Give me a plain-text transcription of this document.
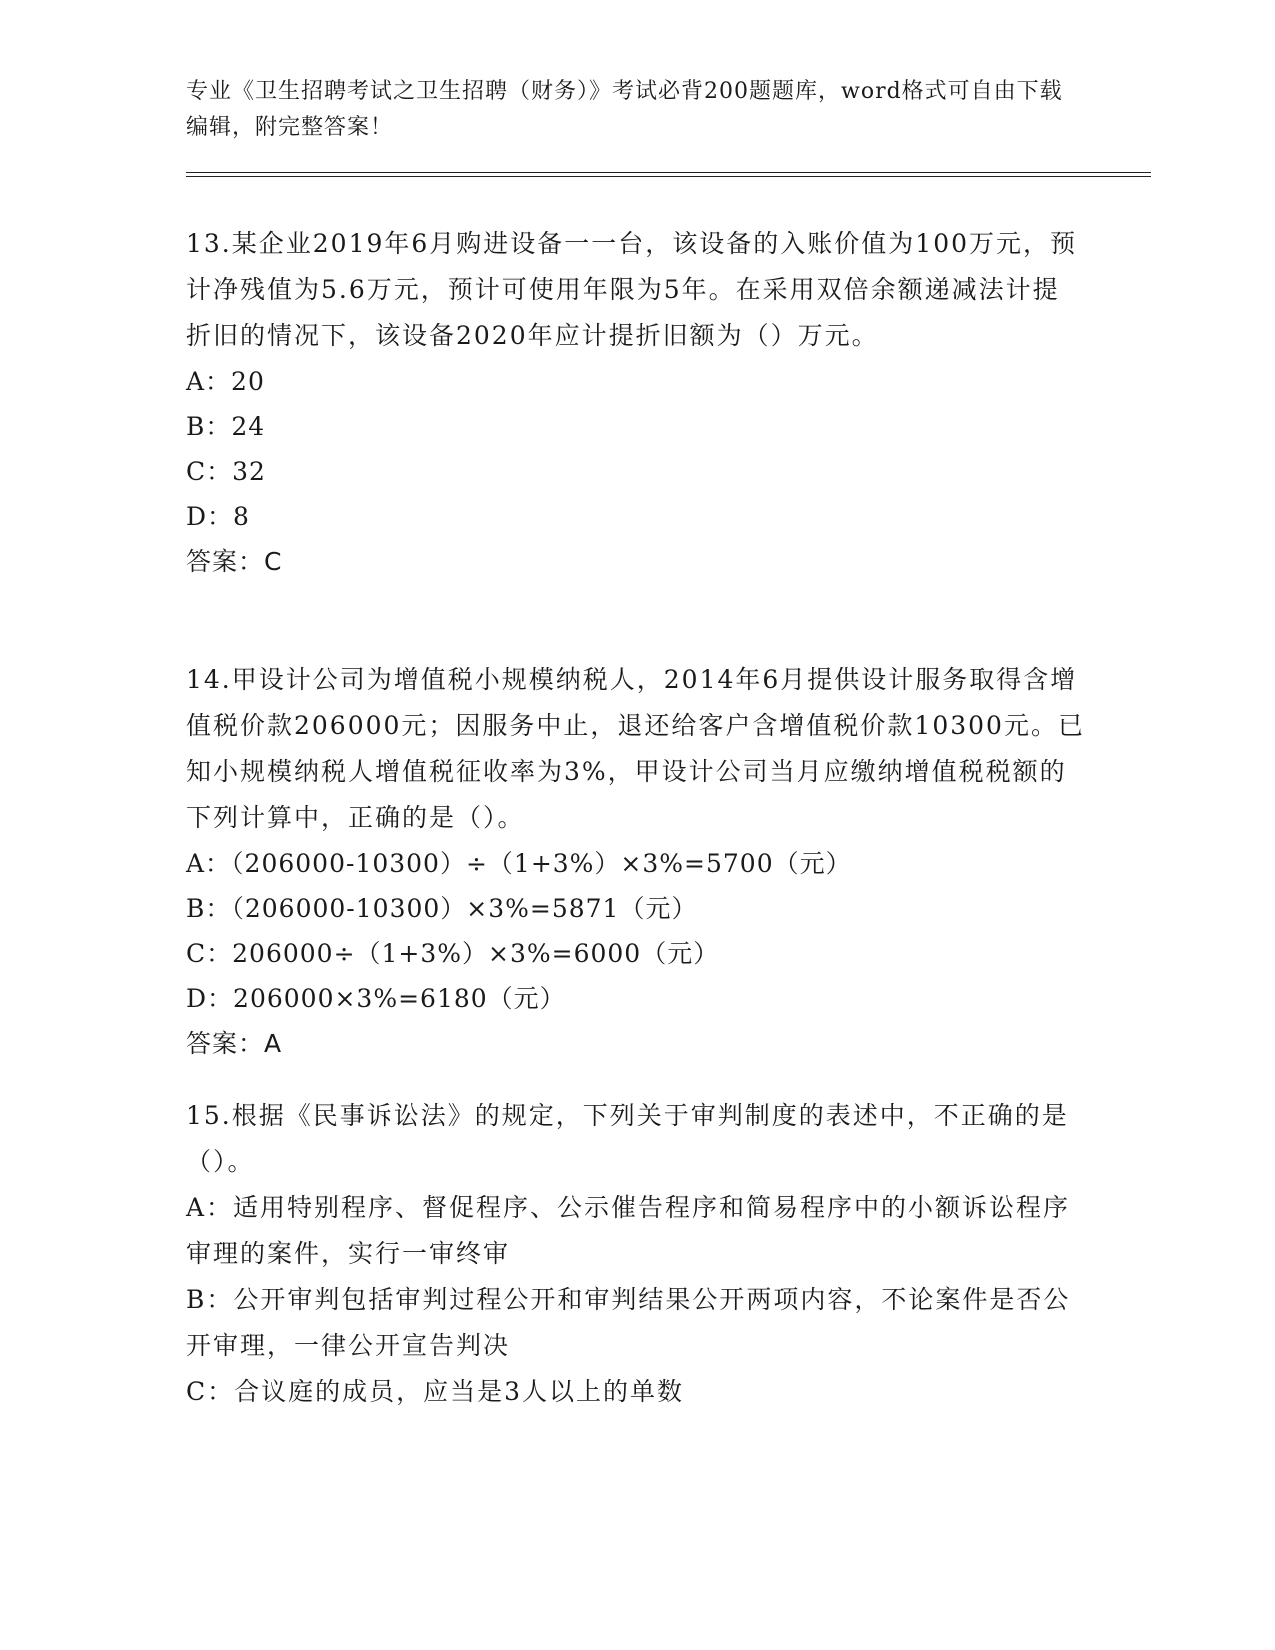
专业《卫生招聘考试之卫生招聘（财务）》考试必背200题题库，word格式可自由下载编辑，附完整答案！

13.某企业2019年6月购进设备一一台，该设备的入账价值为100万元，预计净残值为5.6万元，预计可使用年限为5年。在采用双倍余额递减法计提折旧的情况下，该设备2020年应计提折旧额为（）万元。

A：20

B：24

C：32

D：8

答案：C

14.甲设计公司为增值税小规模纳税人，2014年6月提供设计服务取得含增值税价款206000元；因服务中止，退还给客户含增值税价款10300元。已知小规模纳税人增值税征收率为3%，甲设计公司当月应缴纳增值税税额的下列计算中，正确的是（）。

A：（206000-10300）÷（1+3%）×3%=5700（元）

B：（206000-10300）×3%=5871（元）

C：206000÷（1+3%）×3%=6000（元）

D：206000×3%=6180（元）

答案：A

15.根据《民事诉讼法》的规定，下列关于审判制度的表述中，不正确的是（）。

A：适用特别程序、督促程序、公示催告程序和简易程序中的小额诉讼程序审理的案件，实行一审终审

B：公开审判包括审判过程公开和审判结果公开两项内容，不论案件是否公开审理，一律公开宣告判决

C：合议庭的成员，应当是3人以上的单数
